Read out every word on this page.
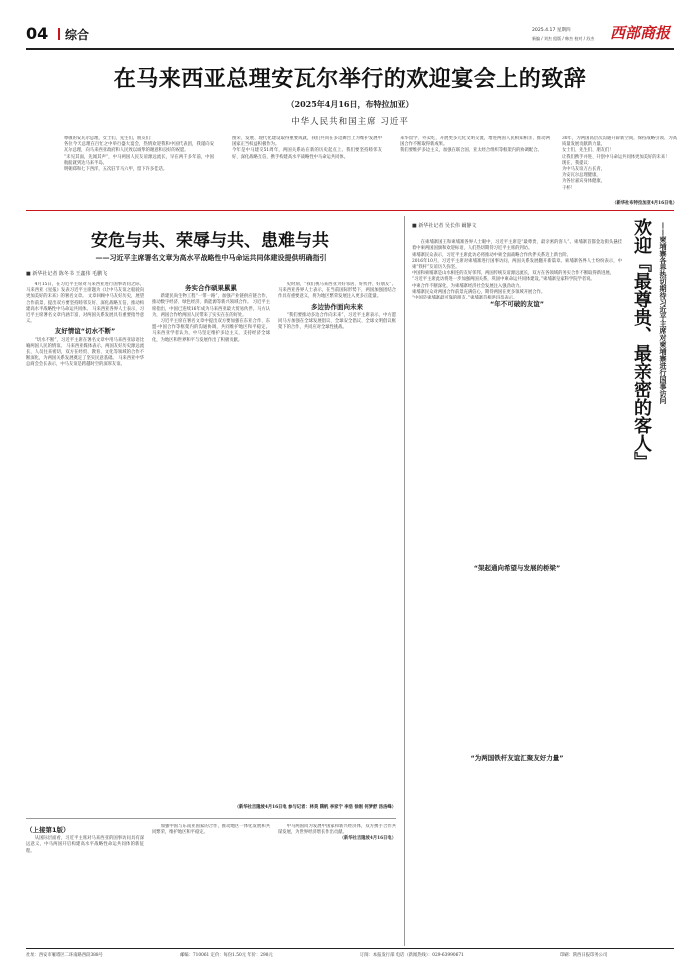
04 综合	2025.4.17 星期四
新编 / 刘杰 组版 / 韩杰 校对 / 苏杰 西部商报
在马来西亚总理安瓦尔举行的欢迎宴会上的致辞
（2025年4月16日，布特拉加亚）
中华人民共和国主席 习近平
尊敬的安瓦尔总理，女士们，先生们，朋友们：
各位今天总理在百忙之中举行盛大宴会，热情欢迎我和中国代表团，我谨向安瓦尔总理，向马来西亚政府和人民致以诚挚的谢意和良好的祝愿。
“未见其面，先闻其声”，中马两国人民友谊源远流长，早在两千多年前，中国航船就到达马来半岛。
明朝郑和七下西洋，五次驻节马六甲，留下许多佳话。
图荣、发展、现代化建设取得重要成就，我们共同在多边舞台上为维护发展中国家正当权益积极作为。
今年是中马建交51周年，两国关系站在新的历史起点上。我们要坚持睦邻友好、深化战略互信，携手构建高水平战略性中马命运共同体。
来华留学、外卖吃，开展更多元化文明交流，增进两国人民相知相亲，推动两国合作不断取得新成果。
我们要维护多边主义，加强在联合国、亚太经合组织等框架内的协调配合。
30年，为两国高层次沟通开辟新空间，保持战略引领、为高质量发展贡献新力量。
女士们、先生们、朋友们！
让我们携手并进、开创中马命运共同体更加美好的未来！
现在，我提议：
为中马友谊万古长青，
为安瓦尔总理健康，
为各位嘉宾身体健康，
干杯！
（新华社布特拉加亚4月16日电）
安危与共、荣辱与共、患难与共
——习近平主席署名文章为高水平战略性中马命运共同体建设提供明确指引
■ 新华社记者 陈冬书 王鑫伟 毛鹏飞

4月15日，在习近平主席对马来西亚进行国事访问之际，马来西亚《星报》发表习近平主席题为《让中马友谊之船驶向更加美好的未来》的署名文章。 文章回顾中马友好历史，展望合作前景，提出双方要坚持睦邻友好、深化战略互信，推动构建高水平战略性中马命运共同体。 马来西亚各界人士表示，习近平主席署名文章内涵丰富，对两国关系发展具有重要指导意义。

友好情谊“切水不断”

“切水不断”，习近平主席在署名文章中用马来西亚谚语比喻两国人民的情谊。 马来西亚媒体表示，两国友好历史源远流长，人员往来密切，双方在经贸、教育、文化等领域的合作不断深化，为两国关系发展奠定了坚实民意基础。 马来西亚中华总商会会长表示，中马友谊是跨越时空的深厚友谊。

务实合作硕果累累

新建民尚生物工程“一带一路”，加强产业链供应链合作，推动数字经济、绿色经济、新能源等新兴领域合作。 习近平主席指出，中国已连续16年成为马来西亚最大贸易伙伴。马方认为，两国合作给两国人民带来了实实在在的好处。

习近平主席在署名文章中提出双方要加强在东亚合作、东盟-中国合作等框架内的沟通协调，共同维护地区和平稳定。 马来西亚学者认为，中马坚定维护多边主义，支持经济全球化，为地区和世界和平与发展作出了积极贡献。

史时刻，“我们视马来西亚为好邻居、好伙伴、好朋友”。 马来西亚各界人士表示，在当前国际形势下，两国加强团结合作具有重要意义，将为地区繁荣发展注入更多正能量。

多边协作面向未来

“我们要推动多边合作向未来”，习近平主席表示，中方愿同马方加强在全球发展倡议、全球安全倡议、全球文明倡议框架下的合作，共同应对全球性挑战。

（新华社吉隆坡4月16日电 参与记者：林昊 隋帆 李家宁 李浩 徐刚 何梦舒 汤洁峰）
（上接第1版）

从国际层面看，习近平主席对马来西亚的国事访问具有深远意义，中马两国开启构建高水平战略性命运共同体的新征程。

加强中国与东南亚国家的合作，推动地区一体化发展和共同繁荣，维护地区和平稳定。

中马两国同为发展中国家和新兴经济体，双方携手合作共谋发展，为世界经济增长作出贡献。

（新华社吉隆坡4月16日电）

■ 新华社记者 吴长伟 阚静文

在柬埔寨国王和柬埔寨各界人士眼中，习近平主席是“最尊贵、最亲密的客人”。柬埔寨首都金边街头悬挂着中柬两国国旗和欢迎标语，人们热切期待习近平主席的到访。
柬埔寨民众表示，习近平主席此访必将推动中柬全面战略合作伙伴关系迈上新台阶。
2016年10月，习近平主席对柬埔寨进行国事访问，两国关系发展翻开新篇章。柬埔寨各界人士纷纷表示，中柬“铁杆”友谊历久弥坚。
中国和柬埔寨是山水相连的友好邻邦，两国传统友谊源远流长，双方在各领域的务实合作不断取得新进展。
“习近平主席此访将进一步加强两国关系，巩固中柬命运共同体建设。”柬埔寨皇家科学院学者说。
中柬合作不断深化，为柬埔寨经济社会发展注入强劲动力。
柬埔寨民众对两国合作前景充满信心，期待两国在更多领域开展合作。

“年不可破的友谊”
“架起通向希望与发展的桥梁”
“为两国铁杆友谊汇聚友好力量”
欢迎『最尊贵、最亲密的客人』	——柬埔寨各界热切期待习近平主席对柬埔寨进行国事访问
社址：西安市雁塔区二环南路西段388号	邮编：710061 定价：每份1.50元 年价：298元	订阅：本报发行部 电话（新闻热线）：029-63990671	印刷：陕西日报印务公司
